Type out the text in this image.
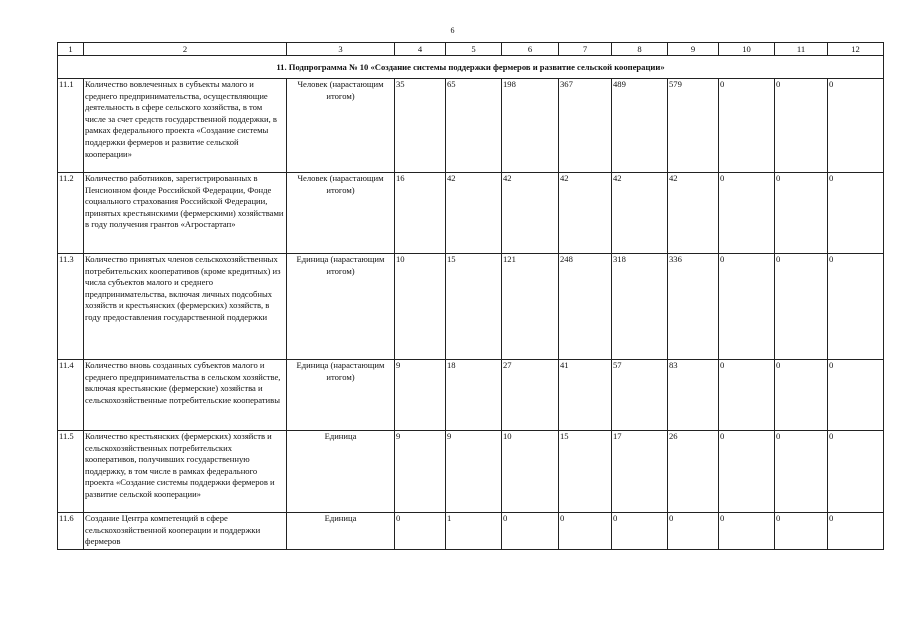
6
1	2	3	4	5	6	7	8	9	10	11	12
11. Подпрограмма № 10 «Создание системы поддержки фермеров и развитие сельской кооперации»											
11.1	Количество вовлеченных в субъекты малого и среднего предпринимательства, осуществляющие деятельность в сфере сельского хозяйства, в том числе за счет средств государственной поддержки, в рамках федерального проекта «Создание системы поддержки фермеров и развитие сельской кооперации»	Человек (нарастающим итогом)	35	65	198	367	489	579	0	0	0
11.2	Количество работников, зарегистрированных в Пенсионном фонде Российской Федерации, Фонде социального страхования Российской Федерации, принятых крестьянскими (фермерскими) хозяйствами в году получения грантов «Агростартап»	Человек (нарастающим итогом)	16	42	42	42	42	42	0	0	0
11.3	Количество принятых членов сельскохозяйственных потребительских кооперативов (кроме кредитных) из числа субъектов малого и среднего предпринимательства, включая личных подсобных хозяйств и крестьянских (фермерских) хозяйств, в году предоставления государственной поддержки	Единица (нарастающим итогом)	10	15	121	248	318	336	0	0	0
11.4	Количество вновь созданных субъектов малого и среднего предпринимательства в сельском хозяйстве, включая крестьянские (фермерские) хозяйства и сельскохозяйственные потребительские кооперативы	Единица (нарастающим итогом)	9	18	27	41	57	83	0	0	0
11.5	Количество крестьянских (фермерских) хозяйств и сельскохозяйственных потребительских кооперативов, получивших государственную поддержку, в том числе в рамках федерального проекта «Создание системы поддержки фермеров и развитие сельской кооперации»	Единица	9	9	10	15	17	26	0	0	0
11.6	Создание Центра компетенций в сфере сельскохозяйственной кооперации и поддержки фермеров	Единица	0	1	0	0	0	0	0	0	0
